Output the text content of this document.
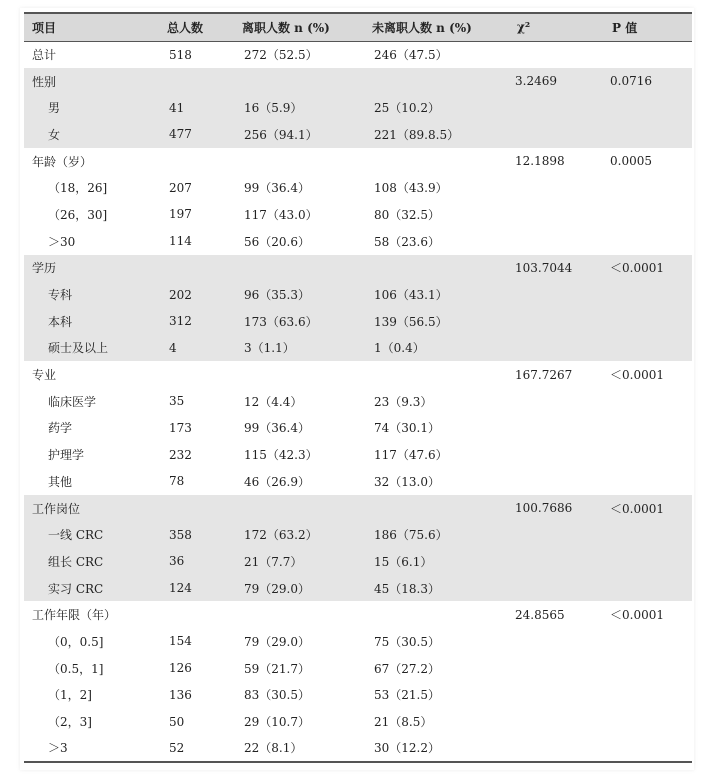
项目	总人数	离职人数 n (%)	未离职人数 n (%)	χ²	P 值
总计	518	272（52.5）	246（47.5）		
性别				3.2469	0.0716
男	41	16（5.9）	25（10.2）		
女	477	256（94.1）	221（89.8.5）		
年龄（岁）				12.1898	0.0005
（18，26]	207	99（36.4）	108（43.9）		
（26，30]	197	117（43.0）	80（32.5）		
＞30	114	56（20.6）	58（23.6）		
学历				103.7044	＜0.0001
专科	202	96（35.3）	106（43.1）		
本科	312	173（63.6）	139（56.5）		
硕士及以上	4	3（1.1）	1（0.4）		
专业				167.7267	＜0.0001
临床医学	35	12（4.4）	23（9.3）		
药学	173	99（36.4）	74（30.1）		
护理学	232	115（42.3）	117（47.6）		
其他	78	46（26.9）	32（13.0）		
工作岗位				100.7686	＜0.0001
一线 CRC	358	172（63.2）	186（75.6）		
组长 CRC	36	21（7.7）	15（6.1）		
实习 CRC	124	79（29.0）	45（18.3）		
工作年限（年）				24.8565	＜0.0001
（0，0.5]	154	79（29.0）	75（30.5）		
（0.5，1]	126	59（21.7）	67（27.2）		
（1，2]	136	83（30.5）	53（21.5）		
（2，3]	50	29（10.7）	21（8.5）		
＞3	52	22（8.1）	30（12.2）		
